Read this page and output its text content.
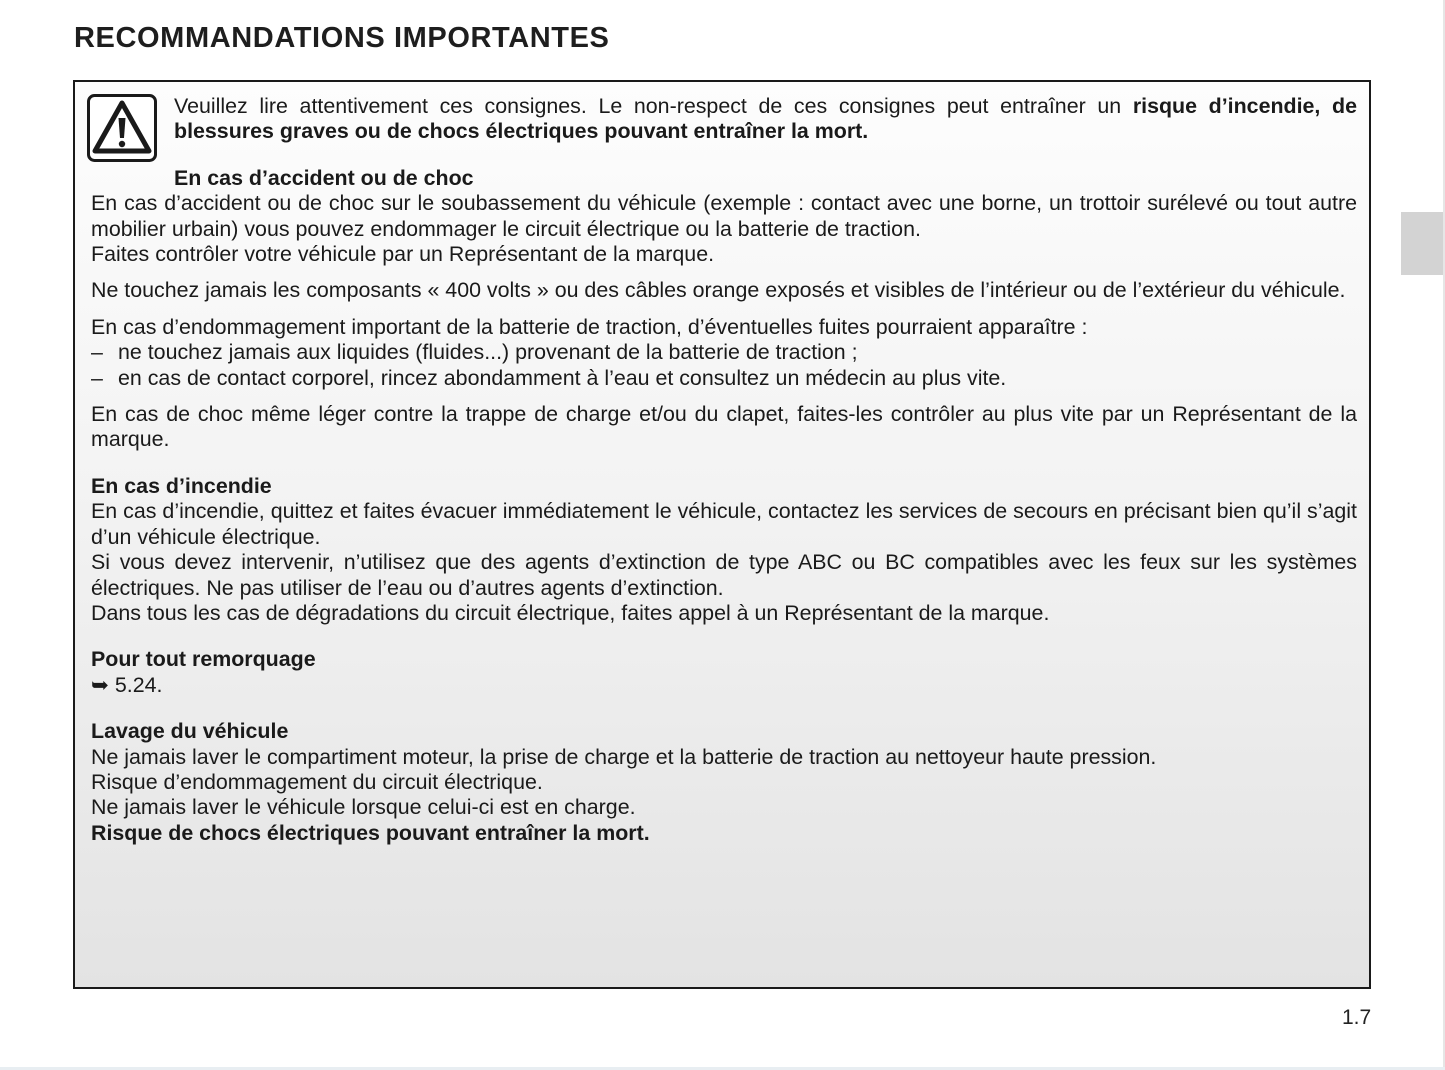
RECOMMANDATIONS IMPORTANTES

Veuillez lire attentivement ces consignes. Le non-respect de ces consignes peut entraîner un risque d’incendie, de blessures graves ou de chocs électriques pouvant entraîner la mort.

En cas d’accident ou de choc

En cas d’accident ou de choc sur le soubassement du véhicule (exemple : contact avec une borne, un trottoir surélevé ou tout autre mobilier urbain) vous pouvez endommager le circuit électrique ou la batterie de traction.

Faites contrôler votre véhicule par un Représentant de la marque.

Ne touchez jamais les composants « 400 volts » ou des câbles orange exposés et visibles de l’intérieur ou de l’extérieur du véhicule.

En cas d’endommagement important de la batterie de traction, d’éventuelles fuites pourraient apparaître :

– ne touchez jamais aux liquides (fluides...) provenant de la batterie de traction ;

– en cas de contact corporel, rincez abondamment à l’eau et consultez un médecin au plus vite.

En cas de choc même léger contre la trappe de charge et/ou du clapet, faites-les contrôler au plus vite par un Représentant de la marque.

En cas d’incendie

En cas d’incendie, quittez et faites évacuer immédiatement le véhicule, contactez les services de secours en précisant bien qu’il s’agit d’un véhicule électrique.

Si vous devez intervenir, n’utilisez que des agents d’extinction de type ABC ou BC compatibles avec les feux sur les systèmes électriques. Ne pas utiliser de l’eau ou d’autres agents d’extinction.

Dans tous les cas de dégradations du circuit électrique, faites appel à un Représentant de la marque.

Pour tout remorquage

➥ 5.24.

Lavage du véhicule

Ne jamais laver le compartiment moteur, la prise de charge et la batterie de traction au nettoyeur haute pression.

Risque d’endommagement du circuit électrique.

Ne jamais laver le véhicule lorsque celui-ci est en charge.

Risque de chocs électriques pouvant entraîner la mort.

1.7
